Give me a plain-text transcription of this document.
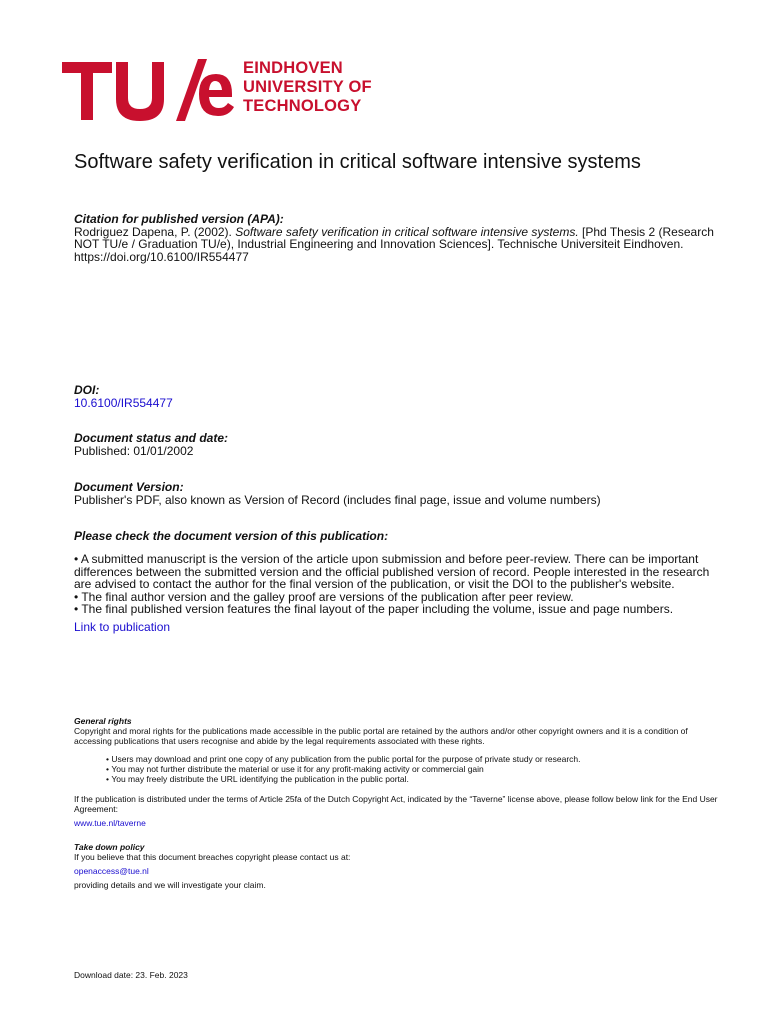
EINDHOVEN
UNIVERSITY OF
TECHNOLOGY
Software safety verification in critical software intensive systems
Citation for published version (APA):
Rodriguez Dapena, P. (2002). Software safety verification in critical software intensive systems. [Phd Thesis 2 (Research NOT TU/e / Graduation TU/e), Industrial Engineering and Innovation Sciences]. Technische Universiteit Eindhoven. https://doi.org/10.6100/IR554477
DOI:
10.6100/IR554477
Document status and date:
Published: 01/01/2002
Document Version:
Publisher's PDF, also known as Version of Record (includes final page, issue and volume numbers)
Please check the document version of this publication:
• A submitted manuscript is the version of the article upon submission and before peer-review. There can be important differences between the submitted version and the official published version of record. People interested in the research are advised to contact the author for the final version of the publication, or visit the DOI to the publisher's website.
• The final author version and the galley proof are versions of the publication after peer review.
• The final published version features the final layout of the paper including the volume, issue and page numbers.
Link to publication
General rights
Copyright and moral rights for the publications made accessible in the public portal are retained by the authors and/or other copyright owners and it is a condition of accessing publications that users recognise and abide by the legal requirements associated with these rights.
• Users may download and print one copy of any publication from the public portal for the purpose of private study or research.
• You may not further distribute the material or use it for any profit-making activity or commercial gain
• You may freely distribute the URL identifying the publication in the public portal.
If the publication is distributed under the terms of Article 25fa of the Dutch Copyright Act, indicated by the “Taverne” license above, please follow below link for the End User Agreement:
www.tue.nl/taverne
Take down policy
If you believe that this document breaches copyright please contact us at:
openaccess@tue.nl
providing details and we will investigate your claim.
Download date: 23. Feb. 2023
